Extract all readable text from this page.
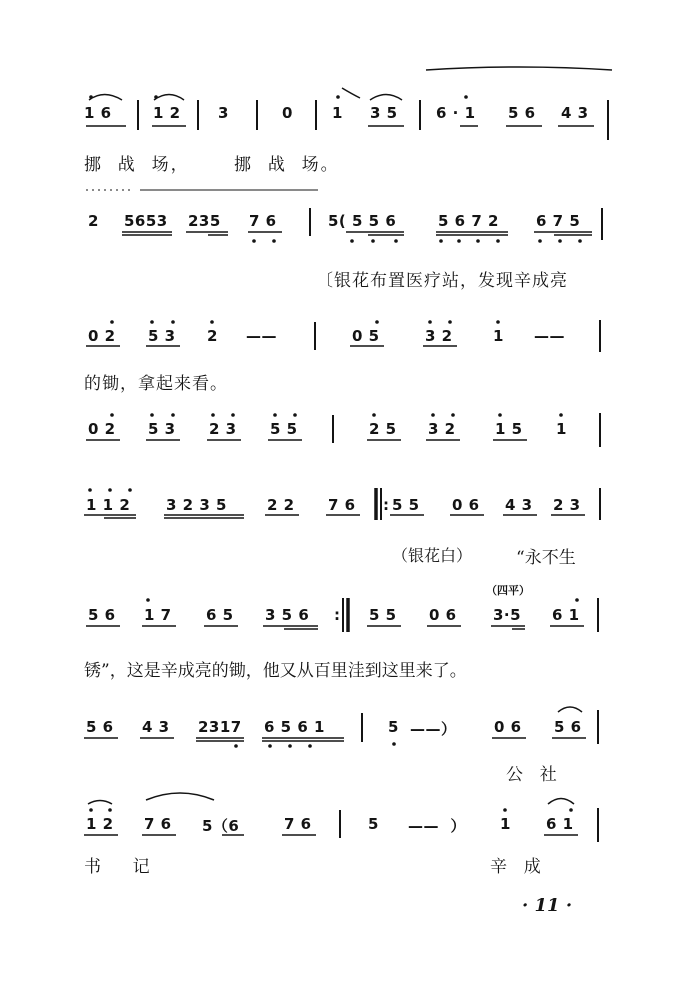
1 6

	1 2

3

	0

	1

3 5

	6 · 1

5 6

4 3

挪  战  场，      挪  战  场。

2

5653

235

7 6

	5( 5 5 6

	5 6 7 2

6 7 5

〔银花布置医疗站，发现辛成亮

0 2

5 3

2

——

	0 5

	3 2

	1

——

的锄，拿起来看。

0 2

5 3

2 3

5 5

	2 5

3 2

	1 5

1

1 1 2

3 2 3 5

	2 2

7 6

:

5 5

0 6

4 3

2 3

（银花白）	“永不生
（四平）

5 6

1 7

6 5

3 5 6

:

5 5

0 6

3·5

6 1

锈”，这是辛成亮的锄，他又从百里洼到这里来了。

5 6

4 3

2317

6 5 6 1

	5

——）

0 6

5 6

公  社

1 2

7 6

5（6

	7 6

	5

——  ）

1

6 1

书    记	辛  成
· 11 ·
